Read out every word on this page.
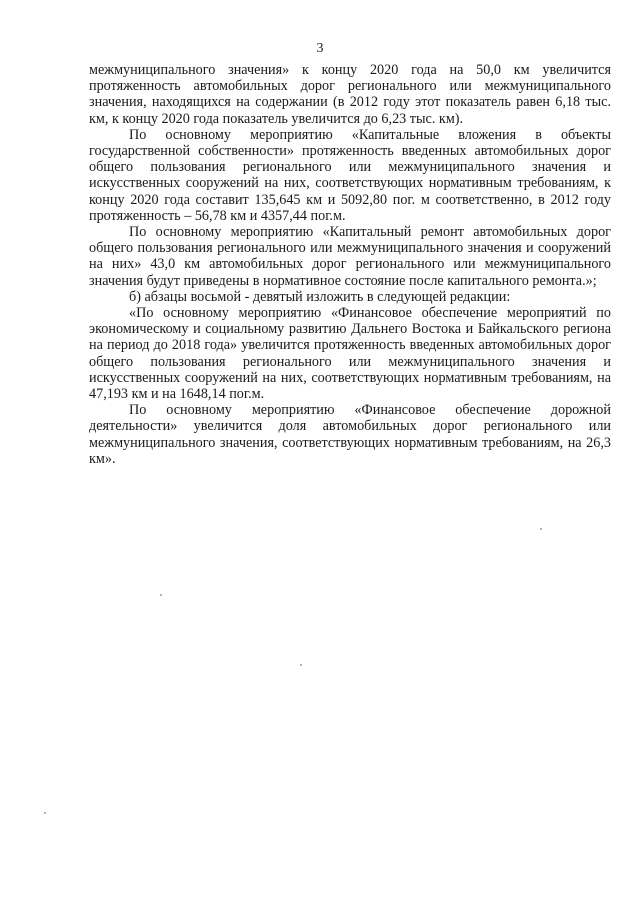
3

межмуниципального значения» к концу 2020 года на 50,0 км увеличится протяженность автомобильных дорог регионального или межмуниципального значения, находящихся на содержании (в 2012 году этот показатель равен 6,18 тыс. км, к концу 2020 года показатель увеличится до 6,23 тыс. км).

По основному мероприятию «Капитальные вложения в объекты государственной собственности» протяженность введенных автомобильных дорог общего пользования регионального или межмуниципального значения и искусственных сооружений на них, соответствующих нормативным требованиям, к концу 2020 года составит 135,645 км и 5092,80 пог. м соответственно, в 2012 году протяженность – 56,78 км и 4357,44 пог.м.

По основному мероприятию «Капитальный ремонт автомобильных дорог общего пользования регионального или межмуниципального значения и сооружений на них» 43,0 км автомобильных дорог регионального или межмуниципального значения будут приведены в нормативное состояние после капитального ремонта.»;

б) абзацы восьмой - девятый изложить в следующей редакции:

«По основному мероприятию «Финансовое обеспечение мероприятий по экономическому и социальному развитию Дальнего Востока и Байкальского региона на период до 2018 года» увеличится протяженность введенных автомобильных дорог общего пользования регионального или межмуниципального значения и искусственных сооружений на них, соответствующих нормативным требованиям, на 47,193 км и на 1648,14 пог.м.

По основному мероприятию «Финансовое обеспечение дорожной деятельности» увеличится доля автомобильных дорог регионального или межмуниципального значения, соответствующих нормативным требованиям, на 26,3 км».
